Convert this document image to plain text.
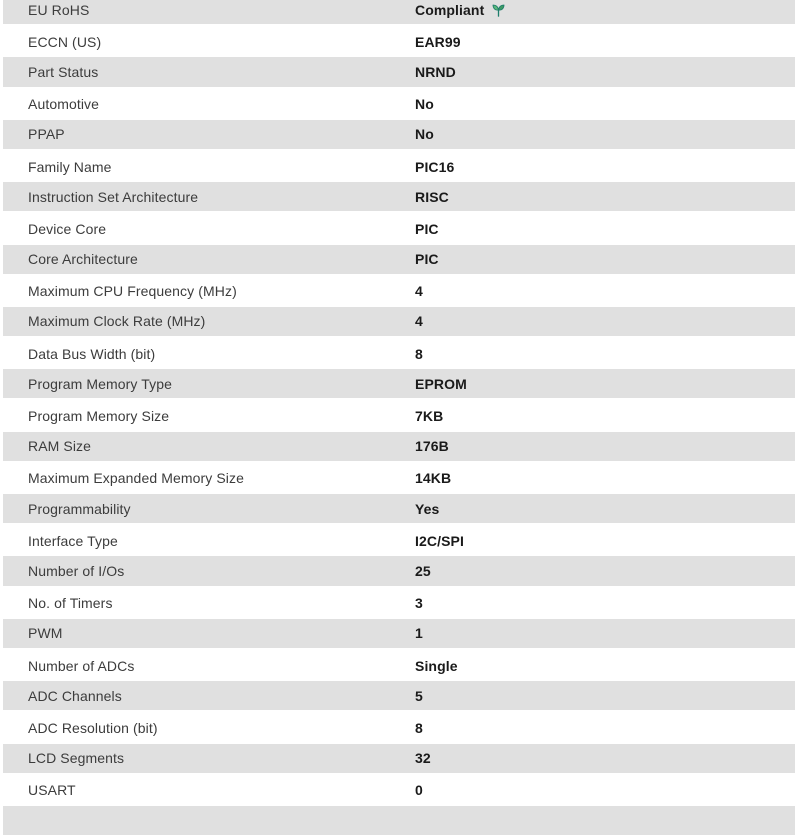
EU RoHS	Compliant
ECCN (US)	EAR99
Part Status	NRND
Automotive	No
PPAP	No
Family Name	PIC16
Instruction Set Architecture	RISC
Device Core	PIC
Core Architecture	PIC
Maximum CPU Frequency (MHz)	4
Maximum Clock Rate (MHz)	4
Data Bus Width (bit)	8
Program Memory Type	EPROM
Program Memory Size	7KB
RAM Size	176B
Maximum Expanded Memory Size	14KB
Programmability	Yes
Interface Type	I2C/SPI
Number of I/Os	25
No. of Timers	3
PWM	1
Number of ADCs	Single
ADC Channels	5
ADC Resolution (bit)	8
LCD Segments	32
USART	0
